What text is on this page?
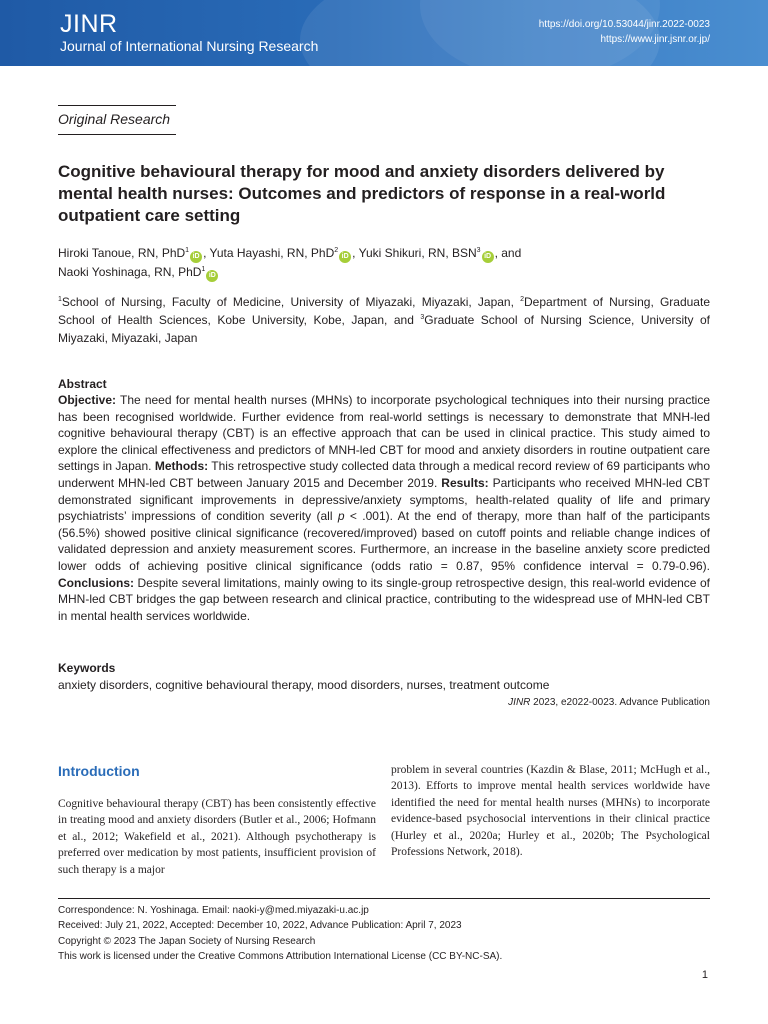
JINR
Journal of International Nursing Research
https://doi.org/10.53044/jinr.2022-0023
https://www.jinr.jsnr.or.jp/
Original Research
Cognitive behavioural therapy for mood and anxiety disorders delivered by mental health nurses: Outcomes and predictors of response in a real-world outpatient care setting
Hiroki Tanoue, RN, PhD$^1$iD , Yuta Hayashi, RN, PhD$^2$iD , Yuki Shikuri, RN, BSN$^3$iD , and
Naoki Yoshinaga, RN, PhD$^1$iD
$^1$School of Nursing, Faculty of Medicine, University of Miyazaki, Miyazaki, Japan, $^2$Department of Nursing, Graduate School of Health Sciences, Kobe University, Kobe, Japan, and $^3$Graduate School of Nursing Science, University of Miyazaki, Miyazaki, Japan
Abstract
Objective: The need for mental health nurses (MHNs) to incorporate psychological techniques into their nursing practice has been recognised worldwide. Further evidence from real-world settings is necessary to demonstrate that MNH-led cognitive behavioural therapy (CBT) is an effective approach that can be used in clinical practice. This study aimed to explore the clinical effectiveness and predictors of MNH-led CBT for mood and anxiety disorders in routine outpatient care settings in Japan. Methods: This retrospective study collected data through a medical record review of 69 participants who underwent MHN-led CBT between January 2015 and December 2019. Results: Participants who received MHN-led CBT demonstrated significant improvements in depressive/anxiety symptoms, health-related quality of life and primary psychiatrists’ impressions of condition severity (all p < .001). At the end of therapy, more than half of the participants (56.5%) showed positive clinical significance (recovered/improved) based on cutoff points and reliable change indices of validated depression and anxiety measurement scores. Furthermore, an increase in the baseline anxiety score predicted lower odds of achieving positive clinical significance (odds ratio = 0.87, 95% confidence interval = 0.79-0.96). Conclusions: Despite several limitations, mainly owing to its single-group retrospective design, this real-world evidence of MHN-led CBT bridges the gap between research and clinical practice, contributing to the widespread use of MHN-led CBT in mental health services worldwide.
Keywords
anxiety disorders, cognitive behavioural therapy, mood disorders, nurses, treatment outcome
JINR 2023, e2022-0023. Advance Publication
Introduction

Cognitive behavioural therapy (CBT) has been consistently effective in treating mood and anxiety disorders (Butler et al., 2006; Hofmann et al., 2012; Wakefield et al., 2021). Although psychotherapy is preferred over medication by most patients, insufficient provision of such therapy is a major

problem in several countries (Kazdin & Blase, 2011; McHugh et al., 2013). Efforts to improve mental health services worldwide have identified the need for mental health nurses (MHNs) to incorporate evidence-based psychosocial interventions in their clinical practice (Hurley et al., 2020a; Hurley et al., 2020b; The Psychological Professions Network, 2018).

Correspondence: N. Yoshinaga. Email: naoki-y@med.miyazaki-u.ac.jp
Received: July 21, 2022, Accepted: December 10, 2022, Advance Publication: April 7, 2023
Copyright © 2023 The Japan Society of Nursing Research
This work is licensed under the Creative Commons Attribution International License (CC BY-NC-SA).
1
